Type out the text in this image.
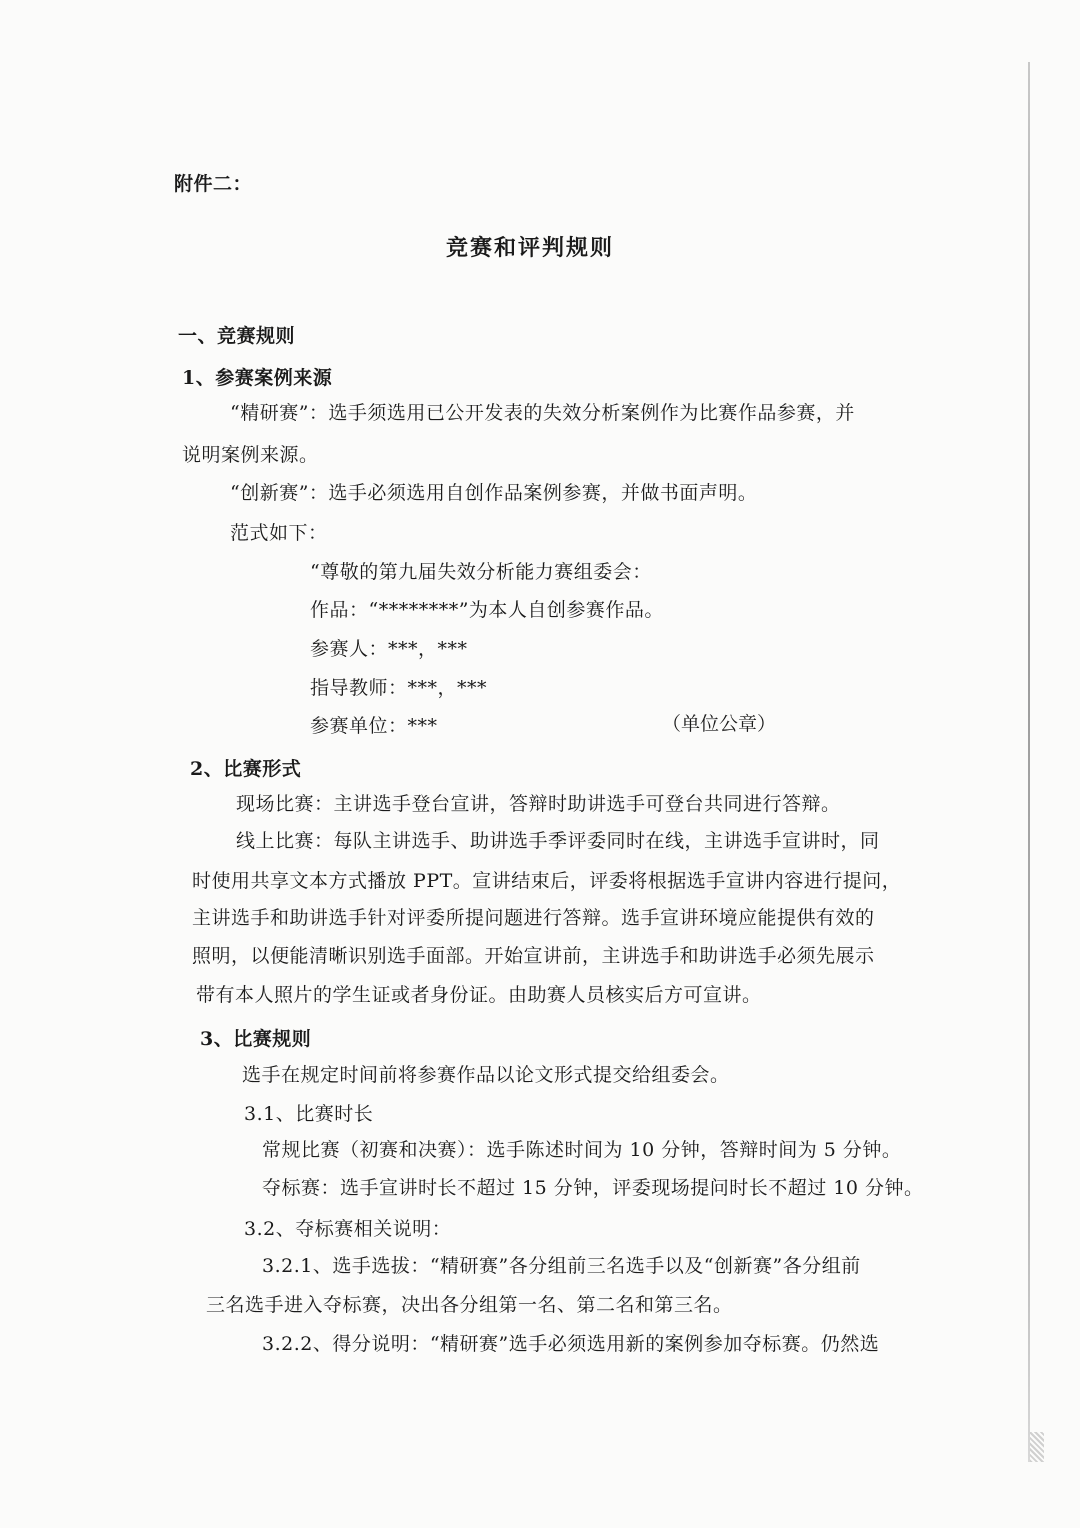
附件二：
竞赛和评判规则
一、竞赛规则
1、参赛案例来源
“精研赛”：选手须选用已公开发表的失效分析案例作为比赛作品参赛，并
说明案例来源。
“创新赛”：选手必须选用自创作品案例参赛，并做书面声明。
范式如下：
“尊敬的第九届失效分析能力赛组委会：
作品：“********”为本人自创参赛作品。
参赛人：***，***
指导教师：***，***
参赛单位：***	（单位公章）
2、比赛形式
现场比赛：主讲选手登台宣讲，答辩时助讲选手可登台共同进行答辩。
线上比赛：每队主讲选手、助讲选手季评委同时在线，主讲选手宣讲时，同
时使用共享文本方式播放 PPT。宣讲结束后，评委将根据选手宣讲内容进行提问，
主讲选手和助讲选手针对评委所提问题进行答辩。选手宣讲环境应能提供有效的
照明，以便能清晰识别选手面部。开始宣讲前，主讲选手和助讲选手必须先展示
带有本人照片的学生证或者身份证。由助赛人员核实后方可宣讲。
3、比赛规则
选手在规定时间前将参赛作品以论文形式提交给组委会。
3.1、比赛时长
常规比赛（初赛和决赛）：选手陈述时间为 10 分钟，答辩时间为 5 分钟。
夺标赛：选手宣讲时长不超过 15 分钟，评委现场提问时长不超过 10 分钟。
3.2、夺标赛相关说明：
3.2.1、选手选拔：“精研赛”各分组前三名选手以及“创新赛”各分组前
三名选手进入夺标赛，决出各分组第一名、第二名和第三名。
3.2.2、得分说明：“精研赛”选手必须选用新的案例参加夺标赛。仍然选
